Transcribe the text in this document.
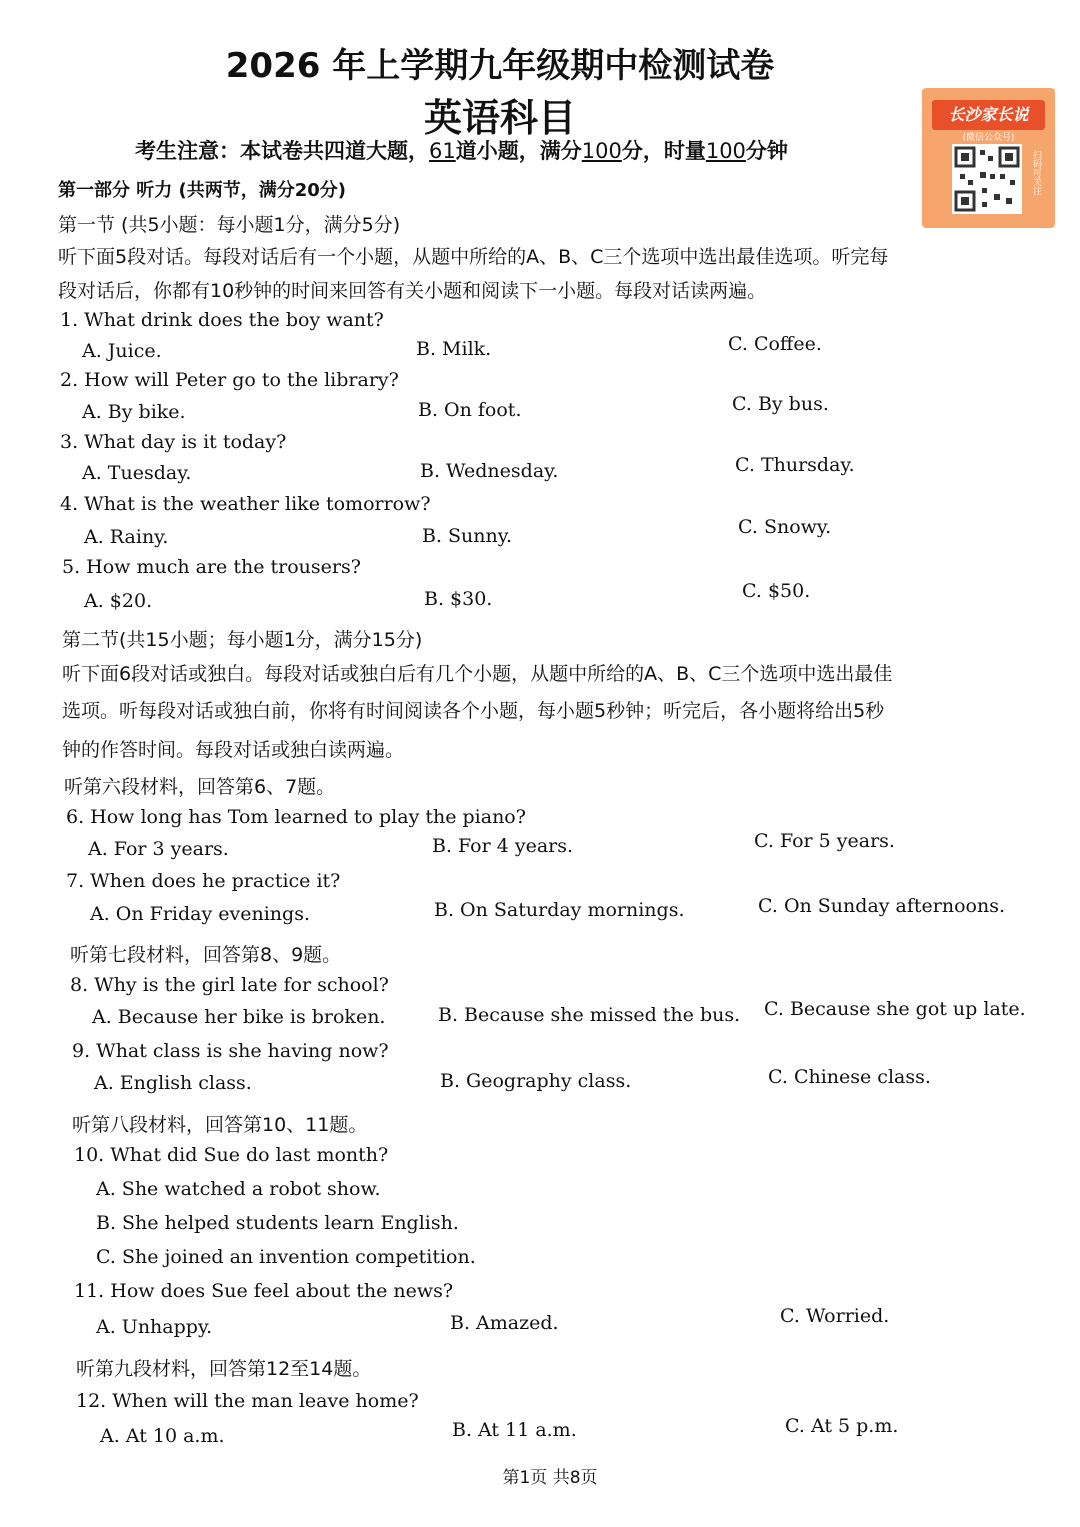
2026 年上学期九年级期中检测试卷
英语科目
考生注意：本试卷共四道大题，61道小题，满分100分，时量100分钟
长沙家长说
(微信公众号)
扫码可关注
第一部分 听力 (共两节，满分20分)
第一节 (共5小题：每小题1分，满分5分)
听下面5段对话。每段对话后有一个小题，从题中所给的A、B、C三个选项中选出最佳选项。听完每
段对话后，你都有10秒钟的时间来回答有关小题和阅读下一小题。每段对话读两遍。
1. What drink does the boy want?
A. Juice.	B. Milk.	C. Coffee.
2. How will Peter go to the library?
A. By bike.	B. On foot.	C. By bus.
3. What day is it today?
A. Tuesday.	B. Wednesday.	C. Thursday.
4. What is the weather like tomorrow?
A. Rainy.	B. Sunny.	C. Snowy.
5. How much are the trousers?
A. $20.	B. $30.	C. $50.
第二节(共15小题；每小题1分，满分15分)
听下面6段对话或独白。每段对话或独白后有几个小题，从题中所给的A、B、C三个选项中选出最佳
选项。听每段对话或独白前，你将有时间阅读各个小题，每小题5秒钟；听完后，各小题将给出5秒
钟的作答时间。每段对话或独白读两遍。
听第六段材料，回答第6、7题。
6. How long has Tom learned to play the piano?
A. For 3 years.	B. For 4 years.	C. For 5 years.
7. When does he practice it?
A. On Friday evenings.	B. On Saturday mornings.	C. On Sunday afternoons.
听第七段材料，回答第8、9题。
8. Why is the girl late for school?
A. Because her bike is broken.	B. Because she missed the bus. C. Because she got up late.
9. What class is she having now?
A. English class.	B. Geography class.	C. Chinese class.
听第八段材料，回答第10、11题。
10. What did Sue do last month?
A. She watched a robot show.
B. She helped students learn English.
C. She joined an invention competition.
11. How does Sue feel about the news?
A. Unhappy.	B. Amazed.	C. Worried.
听第九段材料，回答第12至14题。
12. When will the man leave home?
A. At 10 a.m.	B. At 11 a.m.	C. At 5 p.m.
第1页 共8页
